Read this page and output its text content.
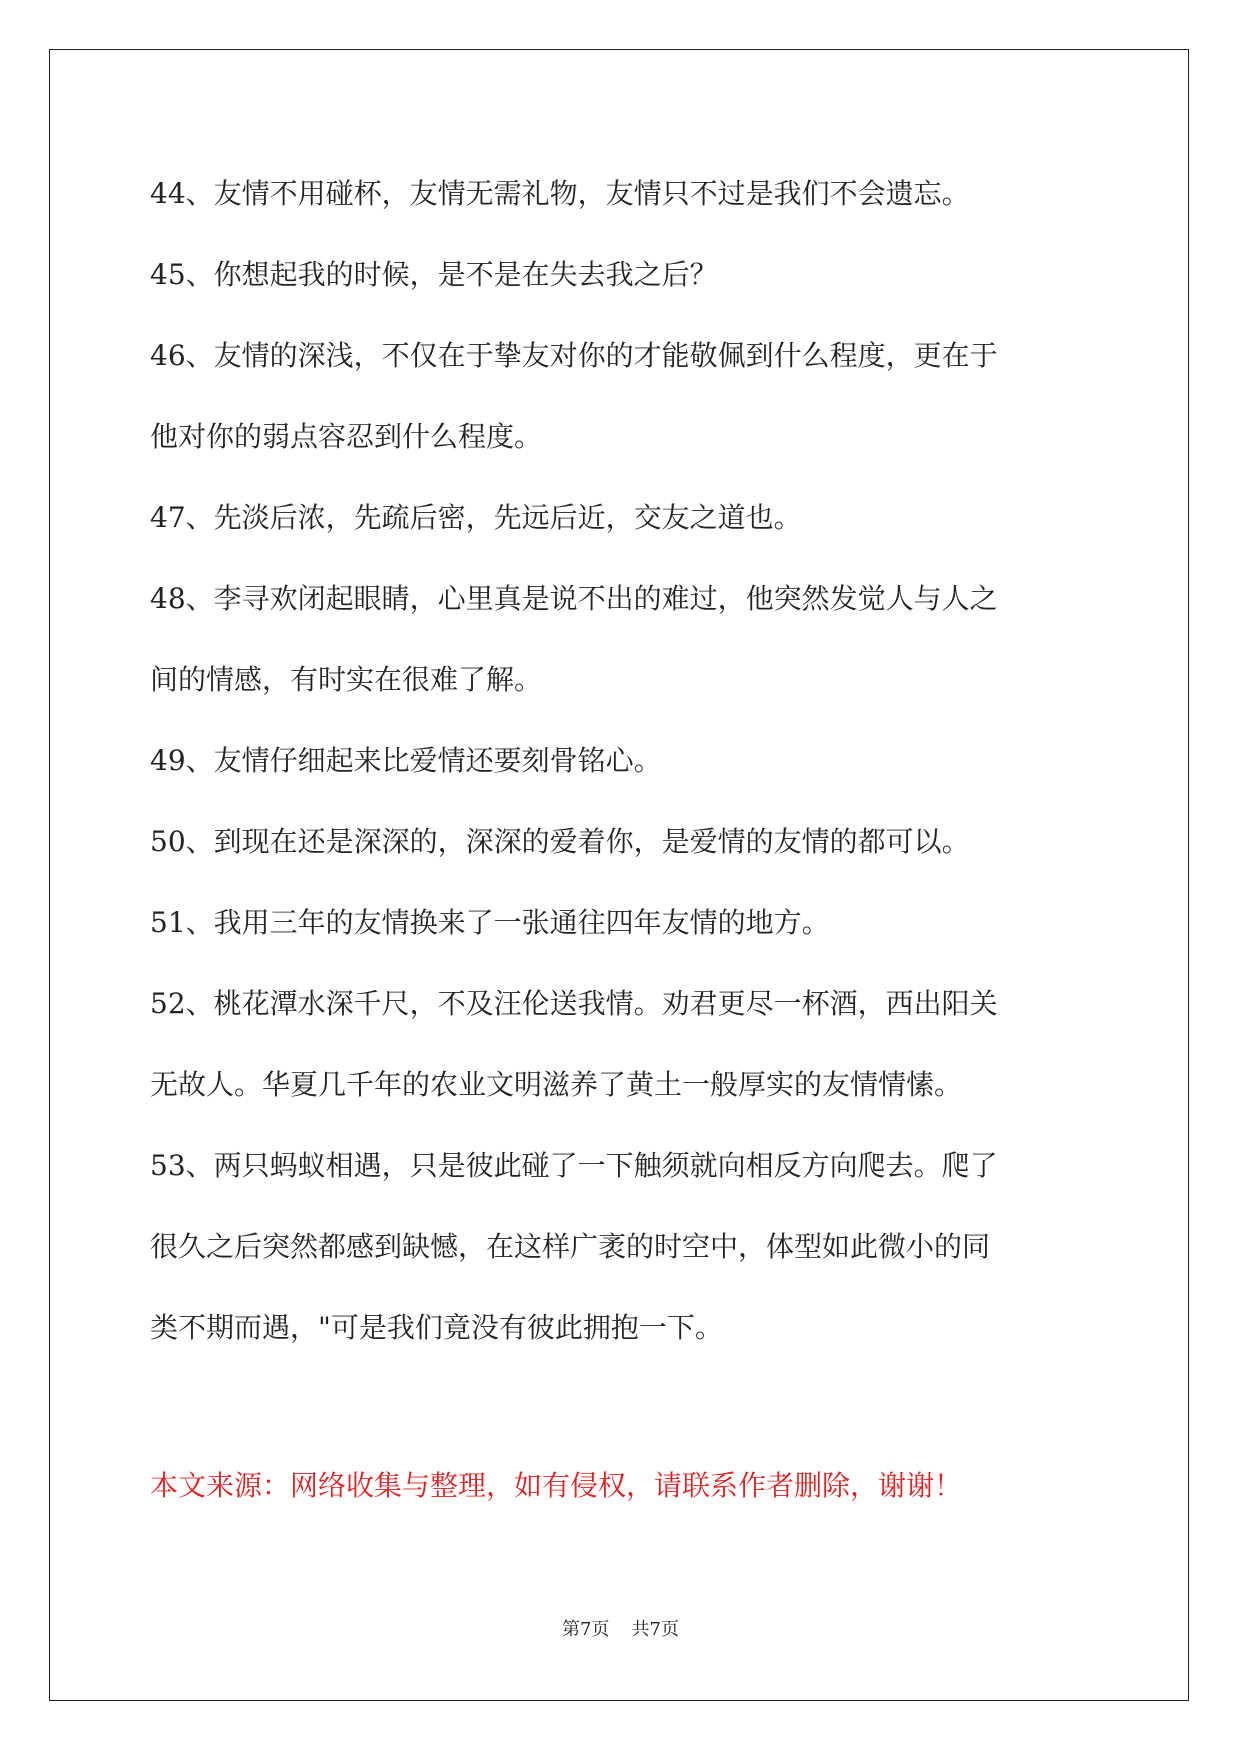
44、友情不用碰杯，友情无需礼物，友情只不过是我们不会遗忘。

45、你想起我的时候，是不是在失去我之后？

46、友情的深浅，不仅在于挚友对你的才能敬佩到什么程度，更在于

他对你的弱点容忍到什么程度。

47、先淡后浓，先疏后密，先远后近，交友之道也。

48、李寻欢闭起眼睛，心里真是说不出的难过，他突然发觉人与人之

间的情感，有时实在很难了解。

49、友情仔细起来比爱情还要刻骨铭心。

50、到现在还是深深的，深深的爱着你，是爱情的友情的都可以。

51、我用三年的友情换来了一张通往四年友情的地方。

52、桃花潭水深千尺，不及汪伦送我情。劝君更尽一杯酒，西出阳关

无故人。华夏几千年的农业文明滋养了黄土一般厚实的友情情愫。

53、两只蚂蚁相遇，只是彼此碰了一下触须就向相反方向爬去。爬了

很久之后突然都感到缺憾，在这样广袤的时空中，体型如此微小的同

类不期而遇，"可是我们竟没有彼此拥抱一下。

本文来源：网络收集与整理，如有侵权，请联系作者删除，谢谢！

第7页 共7页
